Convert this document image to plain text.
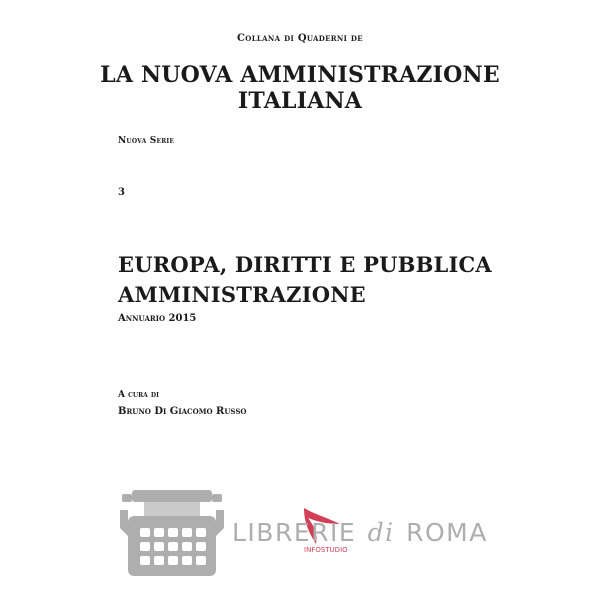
Collana di Quaderni de
LA NUOVA AMMINISTRAZIONE
ITALIANA
Nuova Serie
3
EUROPA, DIRITTI E PUBBLICA
AMMINISTRAZIONE
Annuario 2015
A cura di
Bruno Di Giacomo Russo
INFOSTUDIO
LIBRERIE di ROMA
